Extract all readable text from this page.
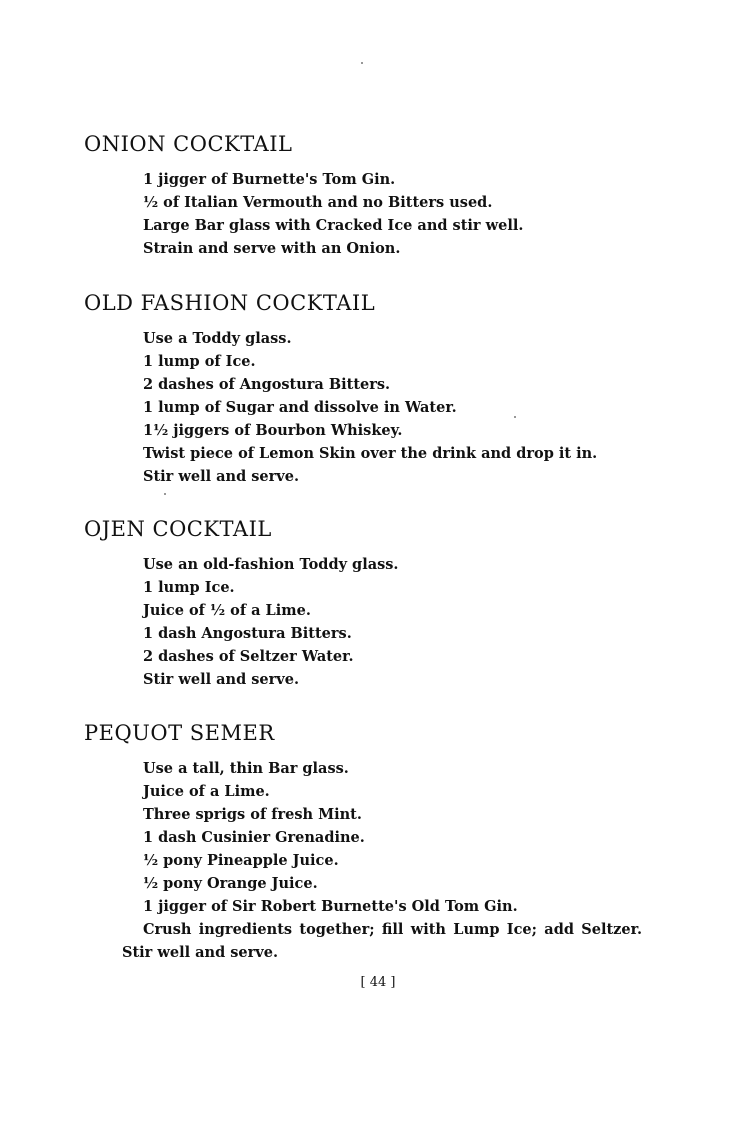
ONION COCKTAIL
1 jigger of Burnette's Tom Gin.
½ of Italian Vermouth and no Bitters used.
Large Bar glass with Cracked Ice and stir well.
Strain and serve with an Onion.
OLD FASHION COCKTAIL
Use a Toddy glass.
1 lump of Ice.
2 dashes of Angostura Bitters.
1 lump of Sugar and dissolve in Water.
1½ jiggers of Bourbon Whiskey.
Twist piece of Lemon Skin over the drink and drop it in.
Stir well and serve.
OJEN COCKTAIL
Use an old-fashion Toddy glass.
1 lump Ice.
Juice of ½ of a Lime.
1 dash Angostura Bitters.
2 dashes of Seltzer Water.
Stir well and serve.
PEQUOT SEMER
Use a tall, thin Bar glass.
Juice of a Lime.
Three sprigs of fresh Mint.
1 dash Cusinier Grenadine.
½ pony Pineapple Juice.
½ pony Orange Juice.
1 jigger of Sir Robert Burnette's Old Tom Gin.

Crush ingredients together; fill with Lump Ice; add Seltzer. Stir well and serve.

[ 44 ]
